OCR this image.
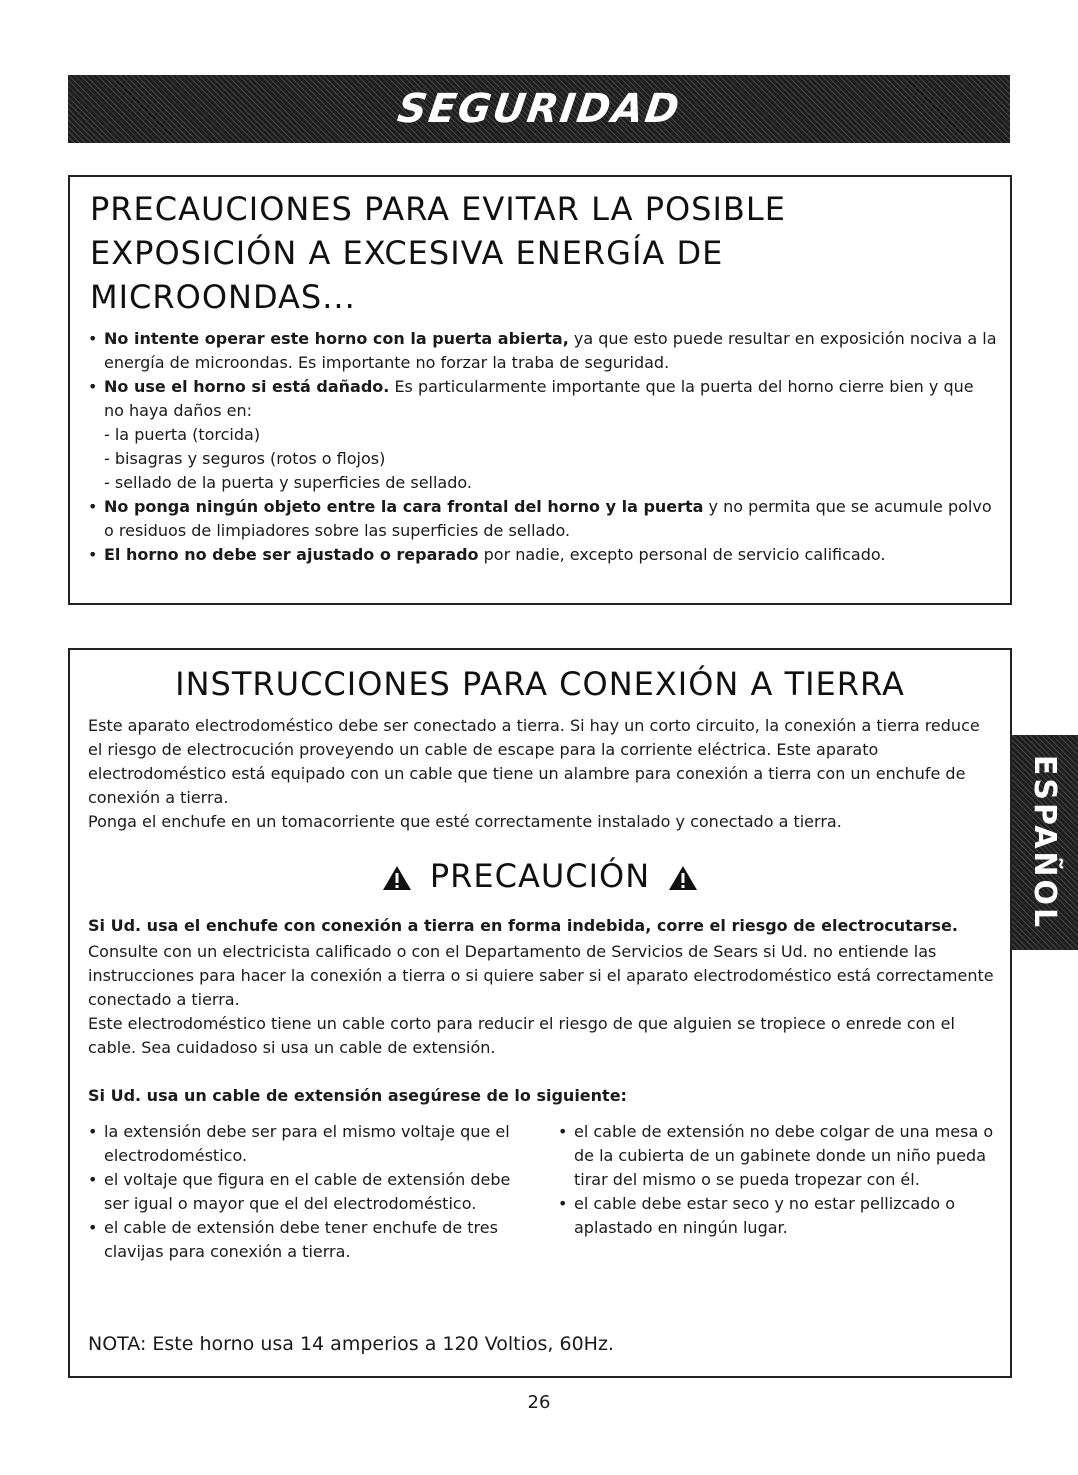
SEGURIDAD
PRECAUCIONES PARA EVITAR LA POSIBLE
EXPOSICIÓN A EXCESIVA ENERGÍA DE
MICROONDAS...
• No intente operar este horno con la puerta abierta, ya que esto puede resultar en exposición nociva a la energía de microondas. Es importante no forzar la traba de seguridad.
• No use el horno si está dañado. Es particularmente importante que la puerta del horno cierre bien y que no haya daños en:
- la puerta (torcida)
- bisagras y seguros (rotos o flojos)
- sellado de la puerta y superficies de sellado.
• No ponga ningún objeto entre la cara frontal del horno y la puerta y no permita que se acumule polvo o residuos de limpiadores sobre las superficies de sellado.
• El horno no debe ser ajustado o reparado por nadie, excepto personal de servicio calificado.
INSTRUCCIONES PARA CONEXIÓN A TIERRA

Este aparato electrodoméstico debe ser conectado a tierra. Si hay un corto circuito, la conexión a tierra reduce el riesgo de electrocución proveyendo un cable de escape para la corriente eléctrica. Este aparato electrodoméstico está equipado con un cable que tiene un alambre para conexión a tierra con un enchufe de conexión a tierra.

Ponga el enchufe en un tomacorriente que esté correctamente instalado y conectado a tierra.

PRECAUCIÓN

Si Ud. usa el enchufe con conexión a tierra en forma indebida, corre el riesgo de electrocutarse.

Consulte con un electricista calificado o con el Departamento de Servicios de Sears si Ud. no entiende las instrucciones para hacer la conexión a tierra o si quiere saber si el aparato electrodoméstico está correctamente conectado a tierra.

Este electrodoméstico tiene un cable corto para reducir el riesgo de que alguien se tropiece o enrede con el cable. Sea cuidadoso si usa un cable de extensión.

Si Ud. usa un cable de extensión asegúrese de lo siguiente:

• la extensión debe ser para el mismo voltaje que el electrodoméstico.
• el voltaje que figura en el cable de extensión debe ser igual o mayor que el del electrodoméstico.
• el cable de extensión debe tener enchufe de tres clavijas para conexión a tierra.
• el cable de extensión no debe colgar de una mesa o de la cubierta de un gabinete donde un niño pueda tirar del mismo o se pueda tropezar con él.
• el cable debe estar seco y no estar pellizcado o aplastado en ningún lugar.
NOTA: Este horno usa 14 amperios a 120 Voltios, 60Hz.
ESPAÑOL
26
